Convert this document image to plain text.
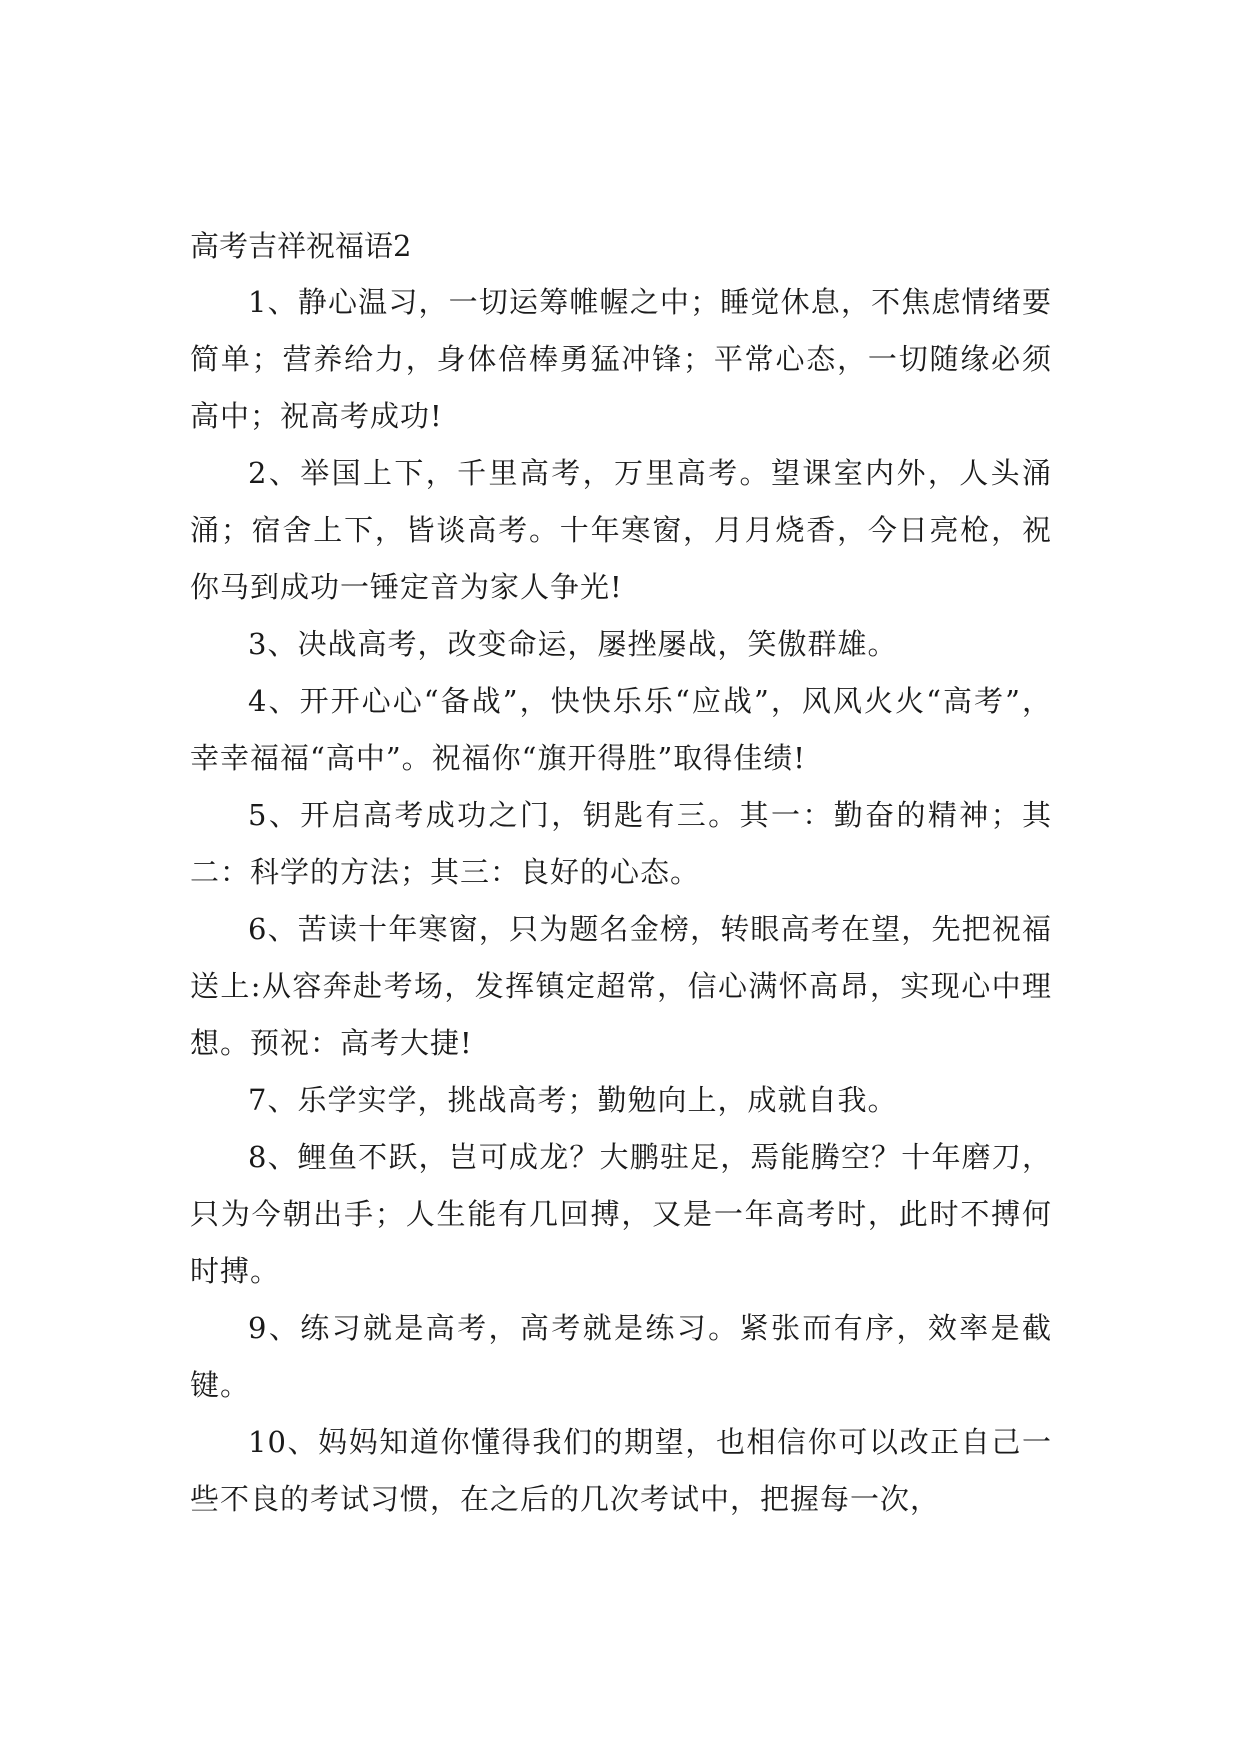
高考吉祥祝福语2

1、静心温习，一切运筹帷幄之中；睡觉休息，不焦虑情绪要简单；营养给力，身体倍棒勇猛冲锋；平常心态，一切随缘必须高中；祝高考成功!

2、举国上下，千里高考，万里高考。望课室内外，人头涌涌；宿舍上下，皆谈高考。十年寒窗，月月烧香，今日亮枪，祝你马到成功一锤定音为家人争光!

3、决战高考，改变命运，屡挫屡战，笑傲群雄。

4、开开心心“备战”，快快乐乐“应战”，风风火火“高考”，幸幸福福“高中”。祝福你“旗开得胜”取得佳绩!

5、开启高考成功之门，钥匙有三。其一：勤奋的精神；其二：科学的方法；其三：良好的心态。

6、苦读十年寒窗，只为题名金榜，转眼高考在望，先把祝福送上:从容奔赴考场，发挥镇定超常，信心满怀高昂，实现心中理想。预祝：高考大捷!

7、乐学实学，挑战高考；勤勉向上，成就自我。

8、鲤鱼不跃，岂可成龙？大鹏驻足，焉能腾空？十年磨刀，只为今朝出手；人生能有几回搏，又是一年高考时，此时不搏何时搏。

9、练习就是高考，高考就是练习。紧张而有序，效率是截键。

10、妈妈知道你懂得我们的期望，也相信你可以改正自己一些不良的考试习惯，在之后的几次考试中，把握每一次，
